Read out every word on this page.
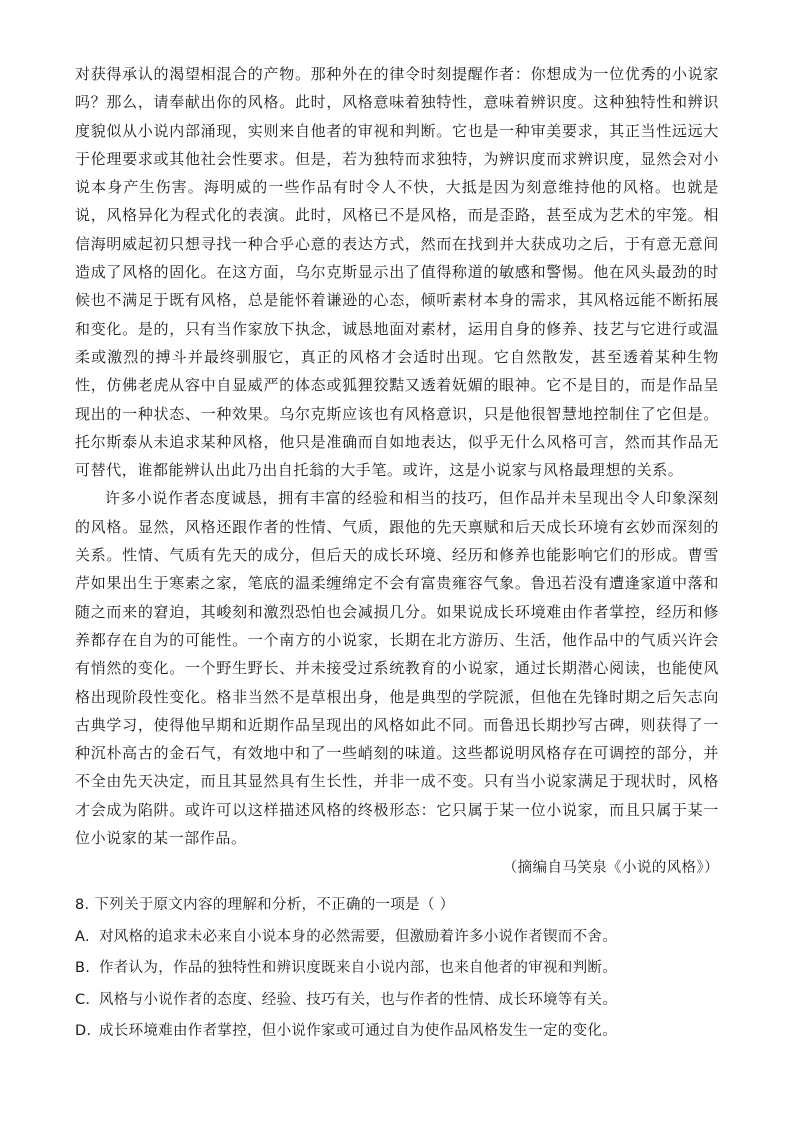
对获得承认的渴望相混合的产物。那种外在的律令时刻提醒作者：你想成为一位优秀的小说家吗？那么，请奉献出你的风格。此时，风格意味着独特性，意味着辨识度。这种独特性和辨识度貌似从小说内部涌现，实则来自他者的审视和判断。它也是一种审美要求，其正当性远远大于伦理要求或其他社会性要求。但是，若为独特而求独特，为辨识度而求辨识度，显然会对小说本身产生伤害。海明威的一些作品有时令人不快，大抵是因为刻意维持他的风格。也就是说，风格异化为程式化的表演。此时，风格已不是风格，而是歪路，甚至成为艺术的牢笼。相信海明威起初只想寻找一种合乎心意的表达方式，然而在找到并大获成功之后，于有意无意间造成了风格的固化。在这方面，乌尔克斯显示出了值得称道的敏感和警惕。他在风头最劲的时候也不满足于既有风格，总是能怀着谦逊的心态，倾听素材本身的需求，其风格远能不断拓展和变化。是的，只有当作家放下执念，诚恳地面对素材，运用自身的修养、技艺与它进行或温柔或激烈的搏斗并最终驯服它，真正的风格才会适时出现。它自然散发，甚至透着某种生物性，仿佛老虎从容中自显威严的体态或狐狸狡黠又透着妩媚的眼神。它不是目的，而是作品呈现出的一种状态、一种效果。乌尔克斯应该也有风格意识，只是他很智慧地控制住了它但是。托尔斯泰从未追求某种风格，他只是准确而自如地表达，似乎无什么风格可言，然而其作品无可替代，谁都能辨认出此乃出自托翁的大手笔。或许，这是小说家与风格最理想的关系。

许多小说作者态度诚恳，拥有丰富的经验和相当的技巧，但作品并未呈现出令人印象深刻的风格。显然，风格还跟作者的性情、气质，跟他的先天禀赋和后天成长环境有玄妙而深刻的关系。性情、气质有先天的成分，但后天的成长环境、经历和修养也能影响它们的形成。曹雪芹如果出生于寒素之家，笔底的温柔缠绵定不会有富贵雍容气象。鲁迅若没有遭逢家道中落和随之而来的窘迫，其峻刻和激烈恐怕也会减损几分。如果说成长环境难由作者掌控，经历和修养都存在自为的可能性。一个南方的小说家，长期在北方游历、生活，他作品中的气质兴许会有悄然的变化。一个野生野长、并未接受过系统教育的小说家，通过长期潜心阅读，也能使风格出现阶段性变化。格非当然不是草根出身，他是典型的学院派，但他在先锋时期之后矢志向古典学习，使得他早期和近期作品呈现出的风格如此不同。而鲁迅长期抄写古碑，则获得了一种沉朴高古的金石气，有效地中和了一些峭刻的味道。这些都说明风格存在可调控的部分，并不全由先天决定，而且其显然具有生长性，并非一成不变。只有当小说家满足于现状时，风格才会成为陷阱。或许可以这样描述风格的终极形态：它只属于某一位小说家，而且只属于某一位小说家的某一部作品。

（摘编自马笑泉《小说的风格》）

8. 下列关于原文内容的理解和分析，不正确的一项是（ ）

A. 对风格的追求未必来自小说本身的必然需要，但激励着许多小说作者锲而不舍。

B. 作者认为，作品的独特性和辨识度既来自小说内部，也来自他者的审视和判断。

C. 风格与小说作者的态度、经验、技巧有关，也与作者的性情、成长环境等有关。

D. 成长环境难由作者掌控，但小说作家或可通过自为使作品风格发生一定的变化。
